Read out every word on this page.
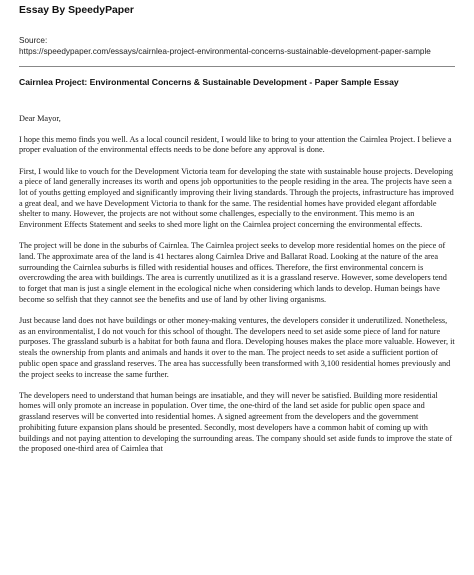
Essay By SpeedyPaper
Source:
https://speedypaper.com/essays/cairnlea-project-environmental-concerns-sustainable-development-paper-sample
Cairnlea Project: Environmental Concerns & Sustainable Development - Paper Sample Essay

Dear Mayor,

I hope this memo finds you well. As a local council resident, I would like to bring to your attention the Cairnlea Project. I believe a proper evaluation of the environmental effects needs to be done before any approval is done.

First, I would like to vouch for the Development Victoria team for developing the state with sustainable house projects. Developing a piece of land generally increases its worth and opens job opportunities to the people residing in the area. The projects have seen a lot of youths getting employed and significantly improving their living standards. Through the projects, infrastructure has improved a great deal, and we have Development Victoria to thank for the same. The residential homes have provided elegant affordable shelter to many. However, the projects are not without some challenges, especially to the environment. This memo is an Environment Effects Statement and seeks to shed more light on the Cairnlea project concerning the environmental effects.

The project will be done in the suburbs of Cairnlea. The Cairnlea project seeks to develop more residential homes on the piece of land. The approximate area of the land is 41 hectares along Cairnlea Drive and Ballarat Road. Looking at the nature of the area surrounding the Cairnlea suburbs is filled with residential houses and offices. Therefore, the first environmental concern is overcrowding the area with buildings. The area is currently unutilized as it is a grassland reserve. However, some developers tend to forget that man is just a single element in the ecological niche when considering which lands to develop. Human beings have become so selfish that they cannot see the benefits and use of land by other living organisms.

Just because land does not have buildings or other money-making ventures, the developers consider it underutilized. Nonetheless, as an environmentalist, I do not vouch for this school of thought. The developers need to set aside some piece of land for nature purposes. The grassland suburb is a habitat for both fauna and flora. Developing houses makes the place more valuable. However, it steals the ownership from plants and animals and hands it over to the man. The project needs to set aside a sufficient portion of public open space and grassland reserves. The area has successfully been transformed with 3,100 residential homes previously and the project seeks to increase the same further.

The developers need to understand that human beings are insatiable, and they will never be satisfied. Building more residential homes will only promote an increase in population. Over time, the one-third of the land set aside for public open space and grassland reserves will be converted into residential homes. A signed agreement from the developers and the government prohibiting future expansion plans should be presented. Secondly, most developers have a common habit of coming up with buildings and not paying attention to developing the surrounding areas. The company should set aside funds to improve the state of the proposed one-third area of Cairnlea that
